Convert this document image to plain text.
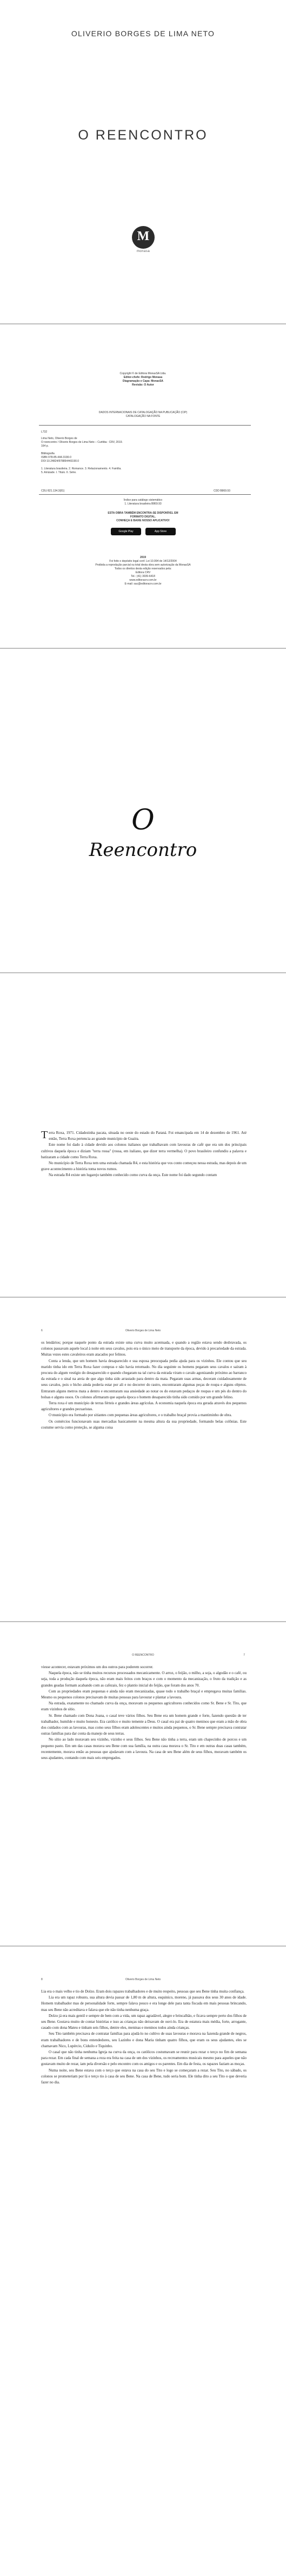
OLIVERIO BORGES DE LIMA NETO
O REENCONTRO
M
monasa
Copyright © de Editora MonasSA Ltda.
Editor-chefe: Rodrigo Monasa
Diagramação e Capa: MonasSA
Revisão: O Autor
DADOS INTERNACIONAIS DE CATALOGAÇÃO NA PUBLICAÇÃO (CIP)
CATALOGAÇÃO NA FONTE
L732
Lima Neto, Oliverio Borges de
O reencontro / Oliverio Borges de Lima Neto – Curitiba : CRV, 2019.
164 p.
Bibliografia
ISBN 978-85-444-3190-0
DOI 10.24824/978854443190.0
1. Literatura brasileira. 2. Romance. 3. Relacionamento. 4. Família.
5. Amizade. I. Título. II. Série.
CDU 821.134.3(81)	CDD B869.93
Índice para catálogo sistemático
1. Literatura brasileira B869.93
ESTA OBRA TAMBÉM ENCONTRA-SE DISPONÍVEL EM
FORMATO DIGITAL.
CONHEÇA E BAIXE NOSSO APLICATIVO!
Google Play	App Store
2019
Foi feito o depósito legal conf. Lei 10.994 de 14/12/2004
Proibida a reprodução parcial ou total desta obra sem autorização da MonasSA
Todos os direitos desta edição reservados pela:
Editora CRV
Tel.: (41) 3039-6418
www.editoracrv.com.br
E-mail: sac@editoracrv.com.br
O
Reencontro

Terra Roxa, 1971. Cidadezinha pacata, situada no oeste do estado do Paraná. Foi emancipada em 14 de dezembro de 1961. Até então, Terra Roxa pertencia ao grande município de Guaíra.

Este nome foi dado à cidade devido aos colonos italianos que trabalhavam com lavouras de café que era um dos principais cultivos daquela época e diziam "terra rossa" (rossa, em italiano, que dizer terra vermelha). O povo brasileiro confundiu a palavra e batizaram a cidade como Terra Roxa.

No município de Terra Roxa tem uma estrada chamada R4, e esta história que vos conto começou nessa estrada, mas depois de um grave acontecimento a história toma novos rumos.

Na estrada R4 existe um lugarejo também conhecido como curva da onça. Este nome foi dado segundo contam

6	Oliverio Borges de Lima Neto

os lendários; porque naquele ponto da estrada existe uma curva muito acentuada, e quando a região estava sendo desbravada, os colonos passavam aquele local à noite em seus cavalos, pois era o único meio de transporte da época, devido à precariedade da estrada. Muitas vezes estes cavaleiros eram atacados por felinos.

Conta a lenda, que um homem havia desaparecido e sua esposa preocupada pedia ajuda para os vizinhos. Ele contou que seu marido tinha ido em Terra Roxa fazer compras e não havia retornado. No dia seguinte os homens pegaram seus cavalos e saíram à procura do algum vestígio do desaparecido e quando chegaram na tal curva da estrada viram o cavalo agonizando próximo ao barranco da estrada e o sinal na areia de que algo tinha sido arrastado para dentro da mata. Pegaram suas armas, deceram cuidadosamente de seus cavalos, pois o bicho ainda poderia estar por ali e no decorrer do rastro, encontraram algumas peças de roupa e alguns objetos. Entraram alguns metros mata a dentro e encontraram sua ansiedade ao notar os do estavam pedaços de roupas e um pés do dentro do bolsas e alguns ossos. Os colonos afirmaram que aquela época o homem desaparecido tinha sido comido por um grande felino.

Terra roxa é um município de terras férteis e grandes áreas agrícolas. A economia naquela época era gerada através dos pequenos agricultores e grandes pecuaristas.

O município era formado por sitiantes com pequenas áreas agricultores, e o trabalho braçal provia a mantiminho de obra.

Os comércios funcionavam suas mercadias basicamente na mesma altura da sua propriedade, formando belas colônias. Este costume servia como proteção, se alguma coisa

O REENCONTRO	7

viesse acontecer, estavam próximos um dos outros para poderem socorrer.

Naquela época, não se tinha muitos recursos processados mecanicamente. O arroz, o feijão, o milho, a soja, o algodão e o café, ou seja, toda a produção daquela época, não eram mais feitos com braços e com o momento da mecanização, o fruto da tradição e as grandes geadas formam acabando com as cafezais, fez o plantio inicial do feijão, que foram dos anos 70.

Com as propriedades eram pequenas e ainda não eram mecanizadas, quase todo o trabalho braçal e empregava muitas famílias. Mesmo os pequenos colonos precisavam de muitas pessoas para lavourar e plantar a lavoura.

Na estrada, exatamente no chamado curva da onça, moravam os pequenos agricultores conhecidos como Sr. Bene e Sr. Tito, que eram vizinhos de sítio.

Sr. Bene chamado com Dona Joana, o casal teve vários filhos. Seu Bene era um homem grande e forte, fazendo questão de ter trabalhador, humilde e muito honesto. Era católico e muito temente a Deus. O casal era pai de quatro meninos que eram a mão de obra dos cuidados com as lavouras, mas como seus filhos eram adolescentes e muitos ainda pequenos, o Sr. Bene sempre precisava contratar outras famílias para dar conta da manejo de seus terras.

No sítio ao lado moravam seu vizinho, vizinho e seus filhos. Seu Bene não tinha a terra, eram um chapecinho de porcos e um pequeno pasto. Em um das casas morava seu Bene com sua família, na outra casa morava o Sr. Tito e em outras duas casas também, recentemente, morava então as pessoas que ajudavam com a lavoura. Na casa de seu Bene além de seus filhos, moravam também os seus ajudantes, contando com mais seis empregados.

8	Oliverio Borges de Lima Neto

Lia era o mais velho e tio de Dolzo. Eram dois rapazes trabalhadores e de muito respeito, pessoas que seu Bene tinha muita confiança.

Lia era um rapaz robusto, sua altura devia passar de 1,80 m de altura, esquinico, moreno, já passava dos seus 30 anos de idade. Homem trabalhador mas de personalidade forte, sempre falava pouco e era longe dele para tanta fiscada em mais pessoas brincando, mas seu Bene não acreditava e falava que ele não tinha nenhuma graça.

Dolzo já era mais gentil e sempre de bem com a vida, um rapaz agradável, alegre e brincalhão, e ficava sempre perto dos filhos de seu Bene. Gostava muito de contar histórias e isso as crianças não deixavam de ouvi-lo. Era de estatura mais média, forte, arrogante, casado com dona Mateu e tinham seis filhos, dentre eles, meninas e meninos todos ainda crianças.

Seu Tito também precisava de contratar famílias para ajudá-lo no cultivo de suas lavouras e morava na fazenda grande de negros, eram trabalhadores e de bons entendedores, seu Lazinho e dona Maria tinham quatro filhos, que eram os seus ajudantes, eles se chamavam Nico, Lupércio, Ciduilo e Tiquinho.

O casal que não tinha nenhuma Igreja na curva da onça, os católicos costumavam se reunir para rezar o terço no fim de semana para rezar. Em cada final de semana a reza era feita na casa de um dos vizinhos, os recreamentos musicais mesmo para aqueles que não gostavam muito de rezar, iam pela diversão e pelo encontro com os amigos e os parentes. Em dia de festa, os rapazes faziam as moças.

Numa noite, seu Bene estava com o terço que estava na casa do seu Tito e logo se começaram a rezar. Seu Tito, no sábado, os colonos se prometeriam por lá e terço tio à casa de seu Bene. Na casa de Bene, tudo seria bom. Ele tinha dito a seu Tito o que deveria fazer no dia.
